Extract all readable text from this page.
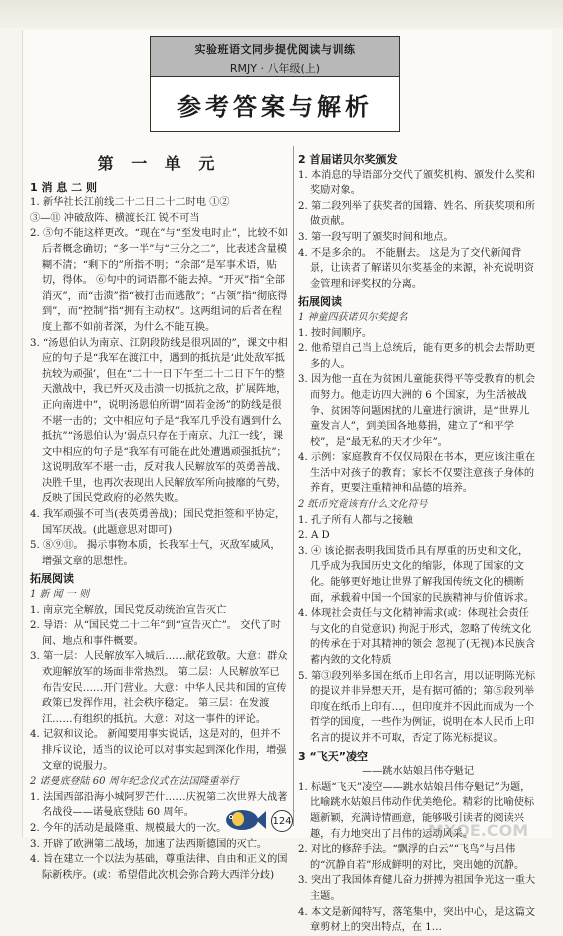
实验班语文同步提优阅读与训练
RMJY · 八年级(上)
参考答案与解析
第 一 单 元
1 消 息 二 则
1. 新华社长江前线二十二日二十二时电 ①②
③—⑪ 冲破敌阵、横渡长江 锐不可当
2. ⑤句不能这样更改。“现在”与“至发电时止”，比较不如后者概念确切；“多一半”与“三分之二”，比表述含量模糊不清；“剩下的”所指不明；“余部”是军事术语，贴切，得体。 ⑥句中的词语都不能去掉。“开灭”指“全部消灭”，而“击溃”指“被打击而逃散”；“占领”指“彻底得到”，而“控制”指“拥有主动权”。这两组词的后者在程度上都不如前者深，为什么不能互换。
3. “汤恩伯认为南京、江阴段防线是很巩固的”，课文中相应的句子是“我军在渡江中，遇到的抵抗是‘此处敌军抵抗较为顽强’，但在“二十一日下午至二十二日下午的整天激战中，我已歼灭及击溃一切抵抗之敌，扩展阵地，正向南进中”，说明汤恩伯所谓“固若金汤”的防线是很不堪一击的；文中相应句子是“我军几乎没有遇到什么抵抗”“汤恩伯认为‘弱点只存在于南京、九江一线’，课文中相应的句子是“我军有可能在此处遭遇顽强抵抗”；这说明敌军不堪一击，反对我人民解放军的英勇善战、决胜千里，也再次表现出人民解放军所向披靡的气势，反映了国民党政府的必然失败。
4. 我军顽强不可当(表英勇善战)；国民党拒签和平协定，国军厌战。(此题意思对即可)
5. ⑧⑨⑪。 揭示事物本质，长我军士气，灭敌军威风，增强文章的思想性。
拓展阅读
1 新 闻 一 则
1. 南京完全解放，国民党反动统治宣告灭亡
2. 导语：从“国民党二十二年”到“宣告灭亡”。 交代了时间、地点和事件概要。
3. 第一层：人民解放军入城后……献花致敬。大意：群众欢迎解放军的场面非常热烈。 第二层：人民解放军已布告安民……开门营业。大意：中华人民共和国的宣传政策已发挥作用，社会秩序稳定。 第三层：在发渡江……有组织的抵抗。大意：对这一事件的评论。
4. 记叙和议论。 新闻要用事实说话，这是对的，但并不排斥议论，适当的议论可以对事实起到深化作用，增强文章的说服力。
2 诺曼底登陆 60 周年纪念仪式在法国隆重举行
1. 法国西部沿海小城阿罗芒什……庆祝第二次世界大战著名战役——诺曼底登陆 60 周年。
2. 今年的活动是最隆重、规模最大的一次。
3. 开辟了欧洲第二战场，加速了法西斯德国的灭亡。
4. 旨在建立一个以法为基础，尊重法律、自由和正义的国际新秩序。(或：希望借此次机会弥合跨大西洋分歧)
2 首届诺贝尔奖颁发
1. 本消息的导语部分交代了颁奖机构、颁发什么奖和奖励对象。
2. 第二段列举了获奖者的国籍、姓名、所获奖项和所做贡献。
3. 第一段写明了颁奖时间和地点。
4. 不是多余的。 不能删去。 这是为了交代新闻背景，让读者了解诺贝尔奖基金的来源，补充说明资金管理和评奖权的分离。
拓展阅读
1 神童四获诺贝尔奖提名
1. 按时间顺序。
2. 他希望自己当上总统后，能有更多的机会去帮助更多的人。
3. 因为他一直在为贫困儿童能获得平等受教育的机会而努力。他走访四大洲的 6 个国家，为生活被战争、贫困等问题困扰的儿童进行演讲，是“世界儿童发言人”，到美国各地募捐，建立了“和平学校”，是“最无私的天才少年”。
4. 示例：家庭教育不仅仅局限在书本，更应该注重在生活中对孩子的教育；家长不仅要注意孩子身体的养育，更要注重精神和品德的培养。
2 纸币究竟该有什么文化符号
1. 孔子所有人都与之接触
2. A D
3. ④ 该论据表明我国货币具有厚重的历史和文化，几乎成为我国历史文化的缩影，体现了国家的文化。能够更好地让世界了解我国传统文化的横断面，承载着中国一个国家的民族精神与价值诉求。
4. 体现社会责任与文化精神需求(或：体现社会责任与文化的自觉意识) 拘泥于形式，忽略了传统文化的传承在于对其精神的领会 忽视了(无视)本民族含蓄内敛的文化特质
5. 第③段列举多国在纸币上印名言，用以证明陈光标的提议并非异想天开，是有据可循的；第⑤段列举印度在纸币上印有…，但印度并不因此而成为一个哲学的国度，一些作为例证，说明在本人民币上印名言的提议并不可取，否定了陈光标提议。
3 “飞天”凌空
——跳水姑娘吕伟夺魁记
1. 标题“飞天”凌空——跳水姑娘吕伟夺魁记”为题，比喻跳水姑娘吕伟动作优美绝伦。精彩的比喻使标题新颖，充满诗情画意，能够吸引读者的阅读兴趣，有力地突出了吕伟的运动风采。
2. 对比的修辞手法。“飘浮的白云”“飞鸟”与吕伟的“沉静自若”形成鲜明的对比，突出她的沉静。
3. 突出了我国体育健儿奋力拼搏为祖国争光这一重大主题。
4. 本文是新闻特写，落笔集中，突出中心，是这篇文章剪材上的突出特点，在 1…
124	MXQE.COM
